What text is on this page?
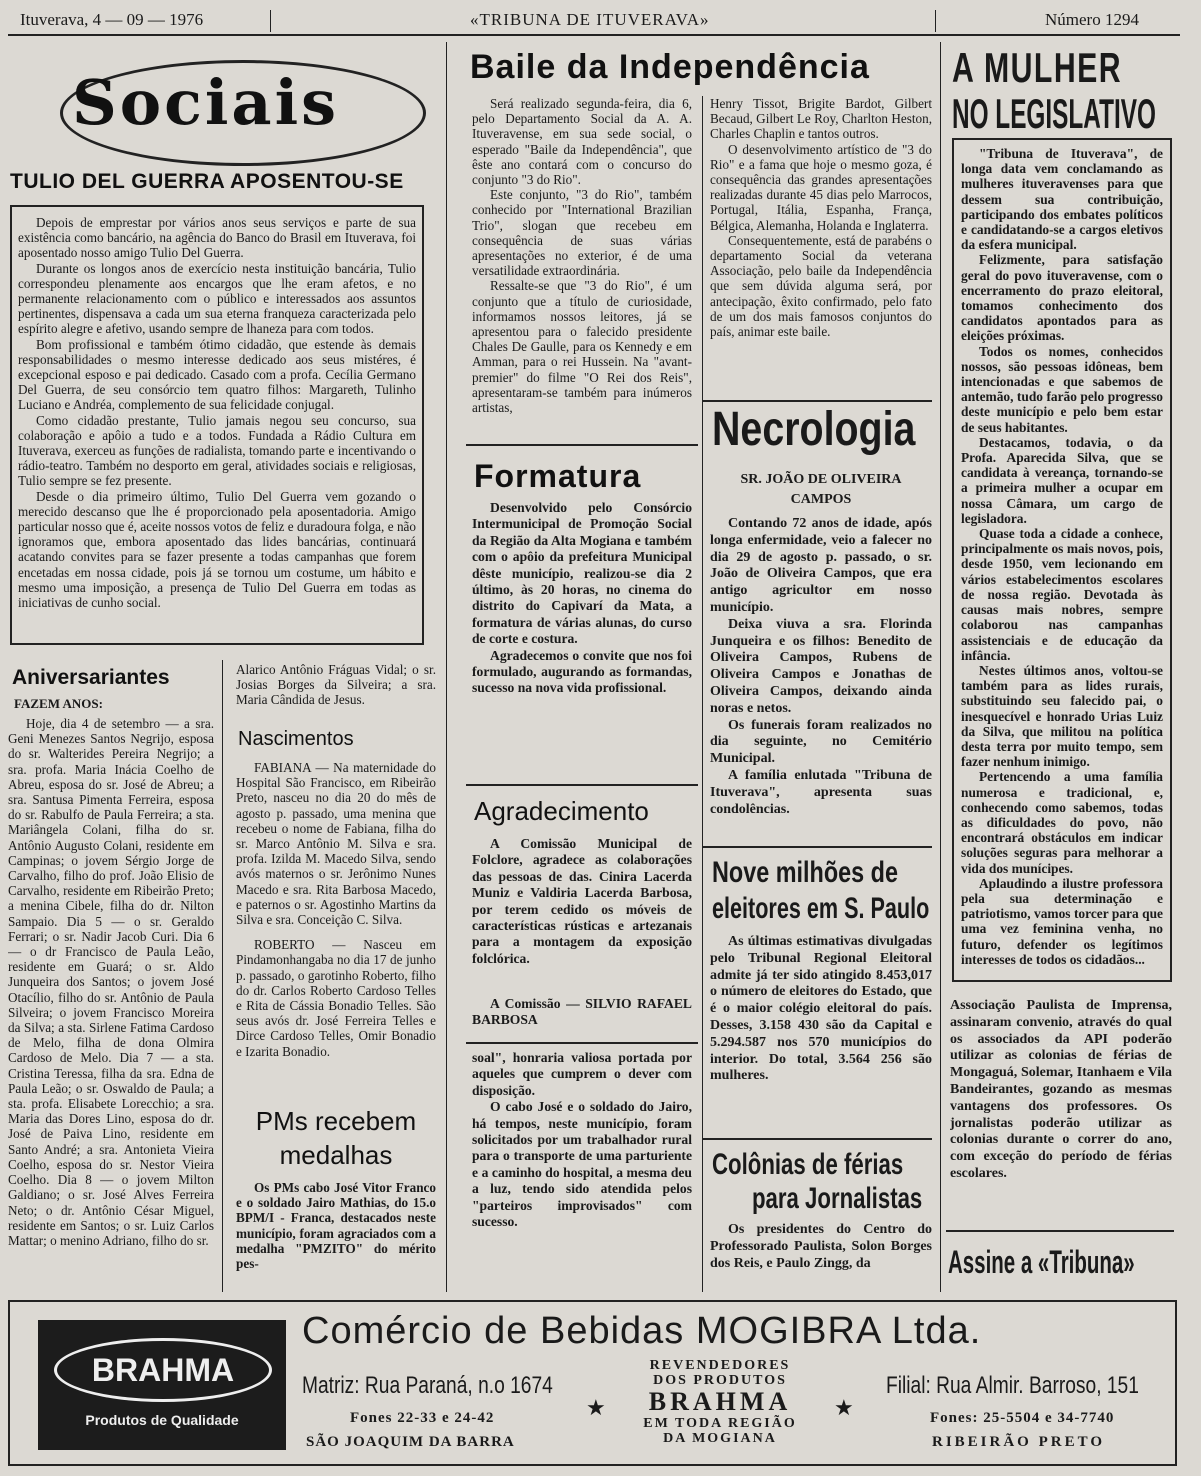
Ituverava, 4 — 09 — 1976	«TRIBUNA DE ITUVERAVA»	Número 1294
Sociais
TULIO DEL GUERRA APOSENTOU-SE

Depois de emprestar por vários anos seus serviços e parte de sua existência como bancário, na agência do Banco do Brasil em Ituverava, foi aposentado nosso amigo Tulio Del Guerra.

Durante os longos anos de exercício nesta instituição bancária, Tulio correspondeu plenamente aos encargos que lhe eram afetos, e no permanente relacionamento com o público e interessados aos assuntos pertinentes, dispensava a cada um sua eterna franqueza caracterizada pelo espírito alegre e afetivo, usando sempre de lhaneza para com todos.

Bom profissional e também ótimo cidadão, que estende às demais responsabilidades o mesmo interesse dedicado aos seus mistéres, é excepcional esposo e pai dedicado. Casado com a profa. Cecília Germano Del Guerra, de seu consórcio tem quatro filhos: Margareth, Tulinho Luciano e Andréa, complemento de sua felicidade conjugal.

Como cidadão prestante, Tulio jamais negou seu concurso, sua colaboração e apôio a tudo e a todos. Fundada a Rádio Cultura em Ituverava, exerceu as funções de radialista, tomando parte e incentivando o rádio-teatro. Também no desporto em geral, atividades sociais e religiosas, Tulio sempre se fez presente.

Desde o dia primeiro último, Tulio Del Guerra vem gozando o merecido descanso que lhe é proporcionado pela aposentadoria. Amigo particular nosso que é, aceite nossos votos de feliz e duradoura folga, e não ignoramos que, embora aposentado das lides bancárias, continuará acatando convites para se fazer presente a todas campanhas que forem encetadas em nossa cidade, pois já se tornou um costume, um hábito e mesmo uma imposição, a presença de Tulio Del Guerra em todas as iniciativas de cunho social.

Aniversariantes
FAZEM ANOS:

Hoje, dia 4 de setembro — a sra. Geni Menezes Santos Negrijo, esposa do sr. Walterides Pereira Negrijo; a sra. profa. Maria Inácia Coelho de Abreu, esposa do sr. José de Abreu; a sra. Santusa Pimenta Ferreira, esposa do sr. Rabulfo de Paula Ferreira; a sta. Mariângela Colani, filha do sr. Antônio Augusto Colani, residente em Campinas; o jovem Sérgio Jorge de Carvalho, filho do prof. João Elisio de Carvalho, residente em Ribeirão Preto; a menina Cibele, filha do dr. Nilton Sampaio. Dia 5 — o sr. Geraldo Ferrari; o sr. Nadir Jacob Curi. Dia 6 — o dr Francisco de Paula Leão, residente em Guará; o sr. Aldo Junqueira dos Santos; o jovem José Otacílio, filho do sr. Antônio de Paula Silveira; o jovem Francisco Moreira da Silva; a sta. Sirlene Fatima Cardoso de Melo, filha de dona Olmira Cardoso de Melo. Dia 7 — a sta. Cristina Teressa, filha da sra. Edna de Paula Leão; o sr. Oswaldo de Paula; a sta. profa. Elisabete Lorecchio; a sra. Maria das Dores Lino, esposa do dr. José de Paiva Lino, residente em Santo André; a sra. Antonieta Vieira Coelho, esposa do sr. Nestor Vieira Coelho. Dia 8 — o jovem Milton Galdiano; o sr. José Alves Ferreira Neto; o dr. Antônio César Miguel, residente em Santos; o sr. Luiz Carlos Mattar; o menino Adriano, filho do sr.

Alarico Antônio Fráguas Vidal; o sr. Josias Borges da Silveira; a sra. Maria Cândida de Jesus.

Nascimentos

FABIANA — Na maternidade do Hospital São Francisco, em Ribeirão Preto, nasceu no dia 20 do mês de agosto p. passado, uma menina que recebeu o nome de Fabiana, filha do sr. Marco Antônio M. Silva e sra. profa. Izilda M. Macedo Silva, sendo avós maternos o sr. Jerônimo Nunes Macedo e sra. Rita Barbosa Macedo, e paternos o sr. Agostinho Martins da Silva e sra. Conceição C. Silva.

ROBERTO — Nasceu em Pindamonhangaba no dia 17 de junho p. passado, o garotinho Roberto, filho do dr. Carlos Roberto Cardoso Telles e Rita de Cássia Bonadio Telles. São seus avós dr. José Ferreira Telles e Dirce Cardoso Telles, Omir Bonadio e Izarita Bonadio.

PMs recebem medalhas

Os PMs cabo José Vitor Franco e o soldado Jairo Mathias, do 15.o BPM/I - Franca, destacados neste município, foram agraciados com a medalha "PMZITO" do mérito pes-

Baile da Independência

Será realizado segunda-feira, dia 6, pelo Departamento Social da A. A. Ituveravense, em sua sede social, o esperado "Baile da Independência", que êste ano contará com o concurso do conjunto "3 do Rio".

Este conjunto, "3 do Rio", também conhecido por "International Brazilian Trio", slogan que recebeu em consequência de suas várias apresentações no exterior, é de uma versatilidade extraordinária.

Ressalte-se que "3 do Rio", é um conjunto que a título de curiosidade, informamos nossos leitores, já se apresentou para o falecido presidente Chales De Gaulle, para os Kennedy e em Amman, para o rei Hussein. Na "avant-premier" do filme "O Rei dos Reis", apresentaram-se também para inúmeros artistas,

Henry Tissot, Brigite Bardot, Gilbert Becaud, Gilbert Le Roy, Charlton Heston, Charles Chaplin e tantos outros.

O desenvolvimento artístico de "3 do Rio" e a fama que hoje o mesmo goza, é consequência das grandes apresentações realizadas durante 45 dias pelo Marrocos, Portugal, Itália, Espanha, França, Bélgica, Alemanha, Holanda e Inglaterra.

Consequentemente, está de parabéns o departamento Social da veterana Associação, pelo baile da Independência que sem dúvida alguma será, por antecipação, êxito confirmado, pelo fato de um dos mais famosos conjuntos do país, animar este baile.

Formatura

Desenvolvido pelo Consórcio Intermunicipal de Promoção Social da Região da Alta Mogiana e também com o apôio da prefeitura Municipal dêste município, realizou-se dia 2 último, às 20 horas, no cinema do distrito do Capivarí da Mata, a formatura de várias alunas, do curso de corte e costura.

Agradecemos o convite que nos foi formulado, augurando as formandas, sucesso na nova vida profissional.

Agradecimento

A Comissão Municipal de Folclore, agradece as colaborações das pessoas de das. Cinira Lacerda Muniz e Valdiria Lacerda Barbosa, por terem cedido os móveis de características rústicas e artezanais para a montagem da exposição folclórica.

A Comissão — SILVIO RAFAEL BARBOSA

soal", honraria valiosa portada por aqueles que cumprem o dever com disposição.

O cabo José e o soldado do Jairo, há tempos, neste município, foram solicitados por um trabalhador rural para o transporte de uma parturiente e a caminho do hospital, a mesma deu a luz, tendo sido atendida pelos "parteiros improvisados" com sucesso.

Necrologia
SR. JOÃO DE OLIVEIRA CAMPOS

Contando 72 anos de idade, após longa enfermidade, veio a falecer no dia 29 de agosto p. passado, o sr. João de Oliveira Campos, que era antigo agricultor em nosso município.

Deixa viuva a sra. Florinda Junqueira e os filhos: Benedito de Oliveira Campos, Rubens de Oliveira Campos e Jonathas de Oliveira Campos, deixando ainda noras e netos.

Os funerais foram realizados no dia seguinte, no Cemitério Municipal.

A família enlutada "Tribuna de Ituverava", apresenta suas condolências.

Nove milhões de
eleitores em S. Paulo

As últimas estimativas divulgadas pelo Tribunal Regional Eleitoral admite já ter sido atingido 8.453,017 o número de eleitores do Estado, que é o maior colégio eleitoral do país. Desses, 3.158 430 são da Capital e 5.294.587 nos 570 municípios do interior. Do total, 3.564 256 são mulheres.

Colônias de férias
para Jornalistas

Os presidentes do Centro do Professorado Paulista, Solon Borges dos Reis, e Paulo Zingg, da

A MULHER
NO LEGISLATIVO

"Tribuna de Ituverava", de longa data vem conclamando as mulheres ituveravenses para que dessem sua contribuição, participando dos embates políticos e candidatando-se a cargos eletivos da esfera municipal.

Felizmente, para satisfação geral do povo ituveravense, com o encerramento do prazo eleitoral, tomamos conhecimento dos candidatos apontados para as eleições próximas.

Todos os nomes, conhecidos nossos, são pessoas idôneas, bem intencionadas e que sabemos de antemão, tudo farão pelo progresso deste município e pelo bem estar de seus habitantes.

Destacamos, todavia, o da Profa. Aparecida Silva, que se candidata à vereança, tornando-se a primeira mulher a ocupar em nossa Câmara, um cargo de legisladora.

Quase toda a cidade a conhece, principalmente os mais novos, pois, desde 1950, vem lecionando em vários estabelecimentos escolares de nossa região. Devotada às causas mais nobres, sempre colaborou nas campanhas assistenciais e de educação da infância.

Nestes últimos anos, voltou-se também para as lides rurais, substituindo seu falecido pai, o inesquecível e honrado Urias Luiz da Silva, que militou na política desta terra por muito tempo, sem fazer nenhum inimigo.

Pertencendo a uma família numerosa e tradicional, e, conhecendo como sabemos, todas as dificuldades do povo, não encontrará obstáculos em indicar soluções seguras para melhorar a vida dos munícipes.

Aplaudindo a ilustre professora pela sua determinação e patriotismo, vamos torcer para que uma vez feminina venha, no futuro, defender os legítimos interesses de todos os cidadãos...

Associação Paulista de Imprensa, assinaram convenio, através do qual os associados da API poderão utilizar as colonias de férias de Mongaguá, Solemar, Itanhaem e Vila Bandeirantes, gozando as mesmas vantagens dos professores. Os jornalistas poderão utilizar as colonias durante o correr do ano, com exceção do período de férias escolares.

Assine a «Tribuna»
BRAHMA
Produtos de Qualidade
Comércio de Bebidas MOGIBRA Ltda.
Matriz: Rua Paraná, n.o 1674
Fones 22-33 e 24-42
SÃO JOAQUIM DA BARRA
★
REVENDEDORES
DOS PRODUTOS
BRAHMA
EM TODA REGIÃO
DA MOGIANA
★
Filial: Rua Almir. Barroso, 151
Fones: 25-5504 e 34-7740
RIBEIRÃO PRETO
